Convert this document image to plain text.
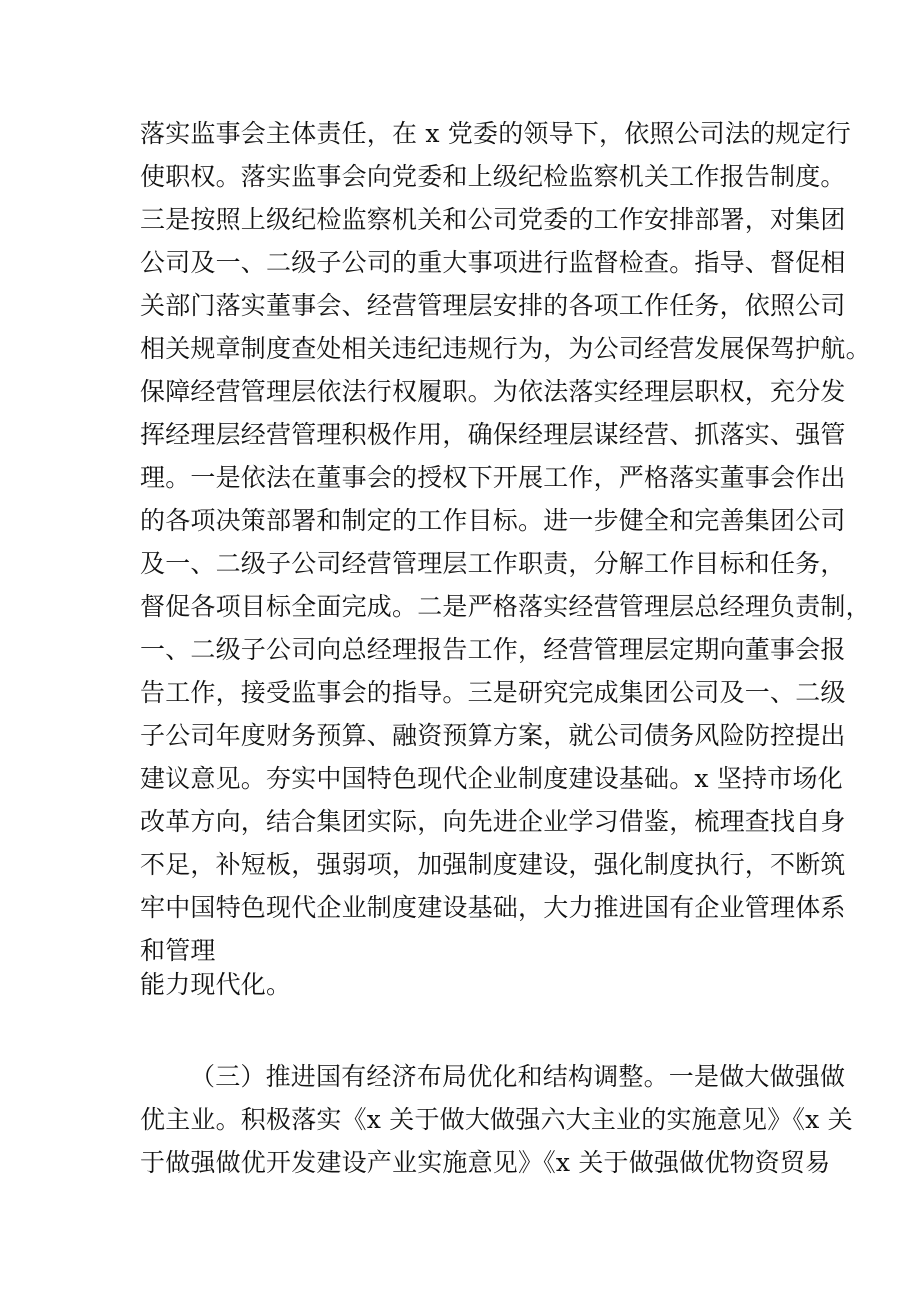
落实监事会主体责任，在 x 党委的领导下，依照公司法的规定行
使职权。落实监事会向党委和上级纪检监察机关工作报告制度。
三是按照上级纪检监察机关和公司党委的工作安排部署，对集团
公司及一、二级子公司的重大事项进行监督检查。指导、督促相
关部门落实董事会、经营管理层安排的各项工作任务，依照公司
相关规章制度查处相关违纪违规行为，为公司经营发展保驾护航。
保障经营管理层依法行权履职。为依法落实经理层职权，充分发
挥经理层经营管理积极作用，确保经理层谋经营、抓落实、强管
理。一是依法在董事会的授权下开展工作，严格落实董事会作出
的各项决策部署和制定的工作目标。进一步健全和完善集团公司
及一、二级子公司经营管理层工作职责，分解工作目标和任务，
督促各项目标全面完成。二是严格落实经营管理层总经理负责制，
一、二级子公司向总经理报告工作，经营管理层定期向董事会报
告工作，接受监事会的指导。三是研究完成集团公司及一、二级
子公司年度财务预算、融资预算方案，就公司债务风险防控提出
建议意见。夯实中国特色现代企业制度建设基础。x 坚持市场化
改革方向，结合集团实际，向先进企业学习借鉴，梳理查找自身
不足，补短板，强弱项，加强制度建设，强化制度执行，不断筑
牢中国特色现代企业制度建设基础，大力推进国有企业管理体系
和管理
能力现代化。
（三）推进国有经济布局优化和结构调整。一是做大做强做
优主业。积极落实《x 关于做大做强六大主业的实施意见》《x 关
于做强做优开发建设产业实施意见》《x 关于做强做优物资贸易
